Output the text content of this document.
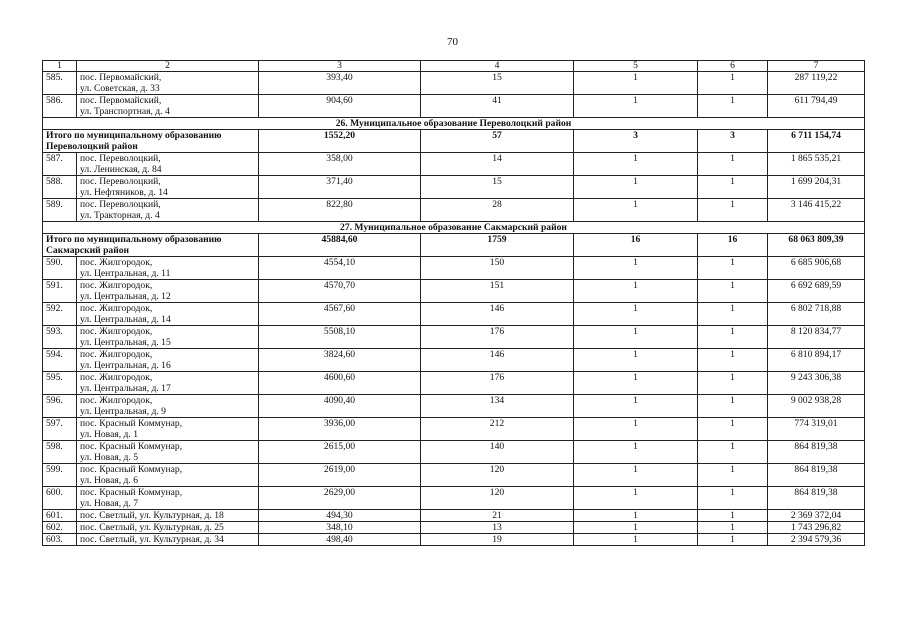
70
1	2	3	4	5	6	7
585.	пос. Первомайский,
ул. Советская, д. 33	393,40	15	1	1	287 119,22
586.	пос. Первомайский,
ул. Транспортная, д. 4	904,60	41	1	1	611 794,49
26. Муниципальное образование Переволоцкий район						

Итого по муниципальному образованию
Переволоцкий район		1552,20	57	3	3	6 711 154,74
587.	пос. Переволоцкий,
ул. Ленинская, д. 84	358,00	14	1	1	1 865 535,21
588.	пос. Переволоцкий,
ул. Нефтяников, д. 14	371,40	15	1	1	1 699 204,31
589.	пос. Переволоцкий,
ул. Тракторная, д. 4	822,80	28	1	1	3 146 415,22
27. Муниципальное образование Сакмарский район						

Итого по муниципальному образованию
Сакмарский район		45884,60	1759	16	16	68 063 809,39
590.	пос. Жилгородок,
ул. Центральная, д. 11	4554,10	150	1	1	6 685 906,68
591.	пос. Жилгородок,
ул. Центральная, д. 12	4570,70	151	1	1	6 692 689,59
592.	пос. Жилгородок,
ул. Центральная, д. 14	4567,60	146	1	1	6 802 718,88
593.	пос. Жилгородок,
ул. Центральная, д. 15	5508,10	176	1	1	8 120 834,77
594.	пос. Жилгородок,
ул. Центральная, д. 16	3824,60	146	1	1	6 810 894,17
595.	пос. Жилгородок,
ул. Центральная, д. 17	4600,60	176	1	1	9 243 306,38
596.	пос. Жилгородок,
ул. Центральная, д. 9	4090,40	134	1	1	9 002 938,28
597.	пос. Красный Коммунар,
ул. Новая, д. 1	3936,00	212	1	1	774 319,01
598.	пос. Красный Коммунар,
ул. Новая, д. 5	2615,00	140	1	1	864 819,38
599.	пос. Красный Коммунар,
ул. Новая, д. 6	2619,00	120	1	1	864 819,38
600.	пос. Красный Коммунар,
ул. Новая, д. 7	2629,00	120	1	1	864 819,38
601.	пос. Светлый, ул. Культурная, д. 18	494,30	21	1	1	2 369 372,04
602.	пос. Светлый, ул. Культурная, д. 25	348,10	13	1	1	1 743 296,82
603.	пос. Светлый, ул. Культурная, д. 34	498,40	19	1	1	2 394 579,36
